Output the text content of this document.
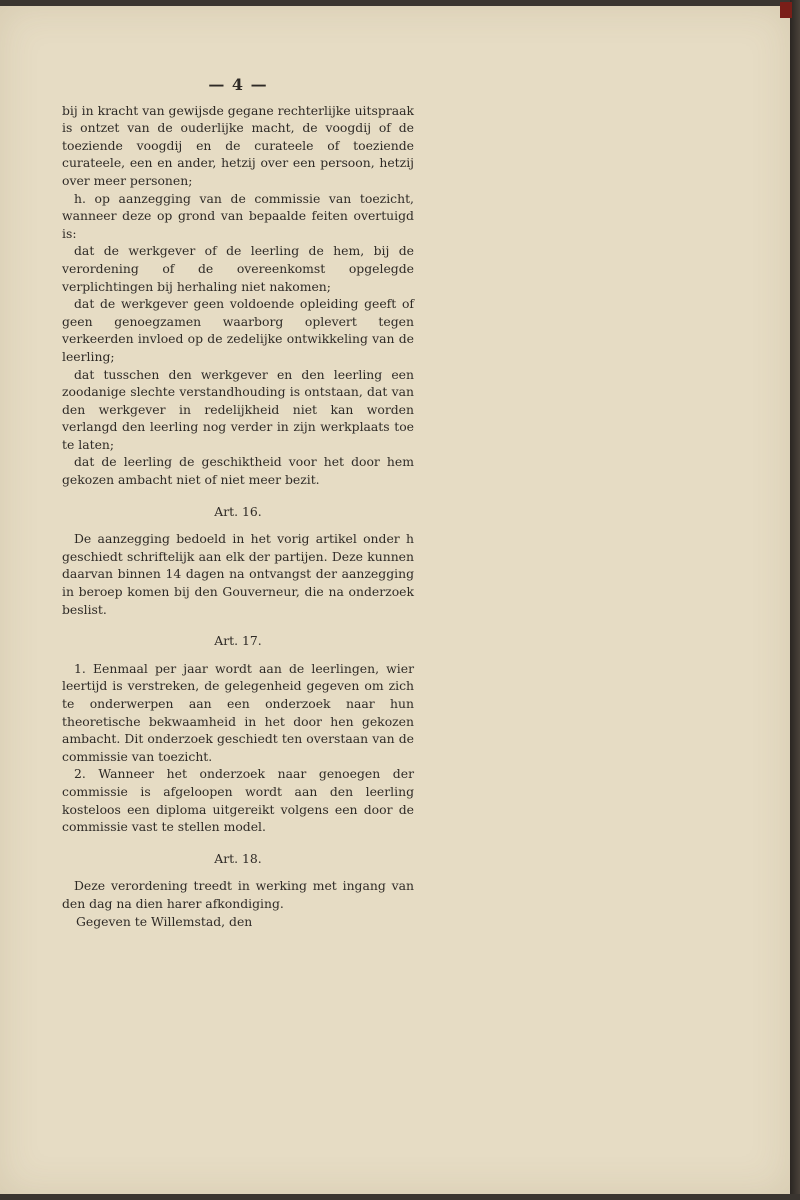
— 4 —

bij in kracht van gewijsde gegane rechterlijke uitspraak is ontzet van de ouderlijke macht, de voogdij of de toeziende voogdij en de curateele of toeziende curateele, een en ander, hetzij over een persoon, hetzij over meer personen;

h. op aanzegging van de commissie van toezicht, wanneer deze op grond van bepaalde feiten overtuigd is:

dat de werkgever of de leerling de hem, bij de verordening of de overeenkomst opgelegde verplichtingen bij herhaling niet nakomen;

dat de werkgever geen voldoende opleiding geeft of geen genoegzamen waarborg oplevert tegen verkeerden invloed op de zedelijke ontwikkeling van de leerling;

dat tusschen den werkgever en den leerling een zoodanige slechte verstandhouding is ontstaan, dat van den werkgever in redelijkheid niet kan worden verlangd den leerling nog verder in zijn werkplaats toe te laten;

dat de leerling de geschiktheid voor het door hem gekozen ambacht niet of niet meer bezit.

Art. 16.

De aanzegging bedoeld in het vorig artikel onder h geschiedt schriftelijk aan elk der partijen. Deze kunnen daarvan binnen 14 dagen na ontvangst der aanzegging in beroep komen bij den Gouverneur, die na onderzoek beslist.

Art. 17.

1. Eenmaal per jaar wordt aan de leerlingen, wier leertijd is verstreken, de gelegenheid gegeven om zich te onderwerpen aan een onderzoek naar hun theoretische bekwaamheid in het door hen gekozen ambacht. Dit onderzoek geschiedt ten overstaan van de commissie van toezicht.

2. Wanneer het onderzoek naar genoegen der commissie is afgeloopen wordt aan den leerling kosteloos een diploma uitgereikt volgens een door de commissie vast te stellen model.

Art. 18.

Deze verordening treedt in werking met ingang van den dag na dien harer afkondiging.

Gegeven te Willemstad, den
